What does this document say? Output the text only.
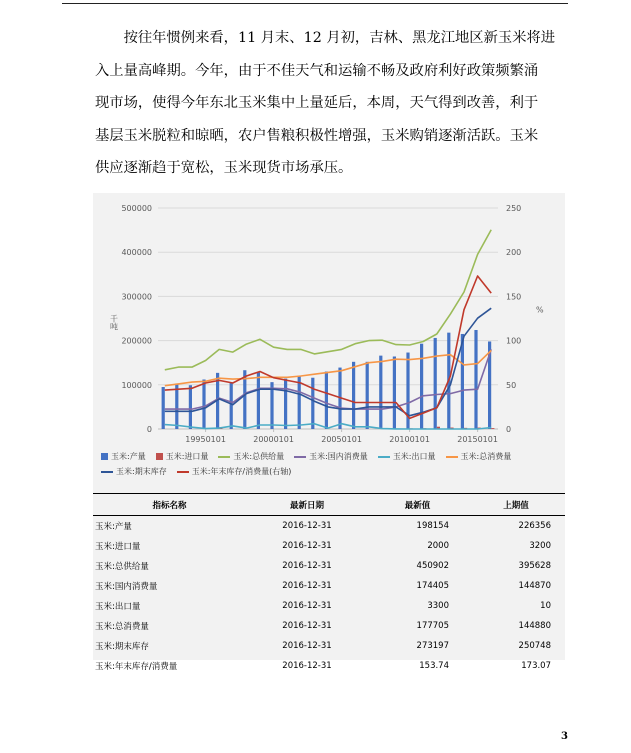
按往年惯例来看，11 月末、12 月初，吉林、黑龙江地区新玉米将进
入上量高峰期。今年，由于不佳天气和运输不畅及政府利好政策频繁涌
现市场，使得今年东北玉米集中上量延后，本周，天气得到改善，利于
基层玉米脱粒和晾晒，农户售粮积极性增强，玉米购销逐渐活跃。玉米
供应逐渐趋于宽松，玉米现货市场承压。
0
100000
200000
300000
400000
500000
0
50
100
150
200
250
千吨
%
19950101	20000101	20050101	20100101	20150101
玉米:产量	玉米:进口量	玉米:总供给量	玉米:国内消费量	玉米:出口量	玉米:总消费量
玉米:期末库存	玉米:年末库存/消费量(右轴)
指标名称	最新日期	最新值	上期值
玉米:产量	2016-12-31	198154	226356
玉米:进口量	2016-12-31	2000	3200
玉米:总供给量	2016-12-31	450902	395628
玉米:国内消费量	2016-12-31	174405	144870
玉米:出口量	2016-12-31	3300	10
玉米:总消费量	2016-12-31	177705	144880
玉米:期末库存	2016-12-31	273197	250748
玉米:年末库存/消费量	2016-12-31	153.74	173.07
3
